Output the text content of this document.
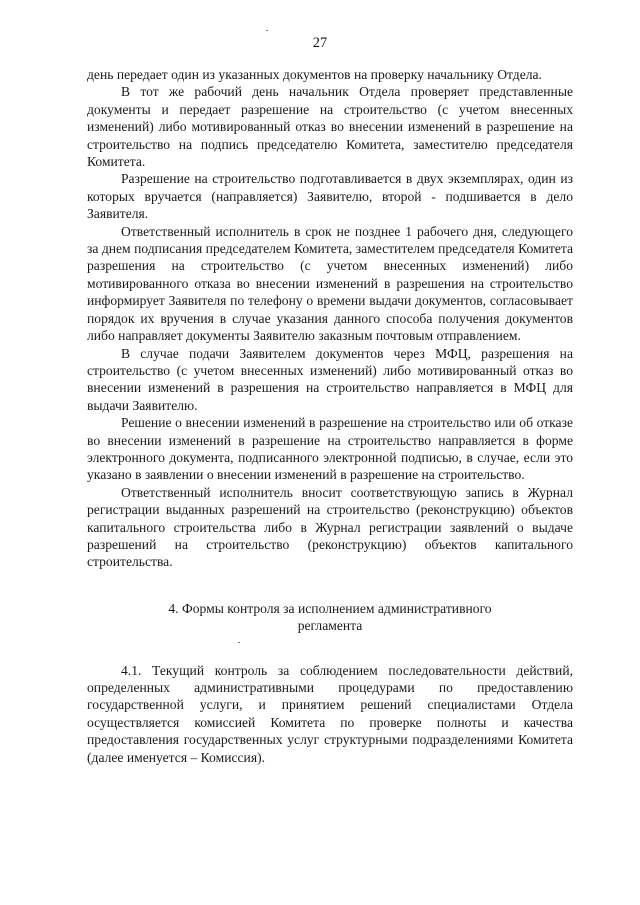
27

день передает один из указанных документов на проверку начальнику Отдела.

В тот же рабочий день начальник Отдела проверяет представленные документы и передает разрешение на строительство (с учетом внесенных изменений) либо мотивированный отказ во внесении изменений в разрешение на строительство на подпись председателю Комитета, заместителю председателя Комитета.

Разрешение на строительство подготавливается в двух экземплярах, один из которых вручается (направляется) Заявителю, второй - подшивается в дело Заявителя.

Ответственный исполнитель в срок не позднее 1 рабочего дня, следующего за днем подписания председателем Комитета, заместителем председателя Комитета разрешения на строительство (с учетом внесенных изменений) либо мотивированного отказа во внесении изменений в разрешения на строительство информирует Заявителя по телефону о времени выдачи документов, согласовывает порядок их вручения в случае указания данного способа получения документов либо направляет документы Заявителю заказным почтовым отправлением.

В случае подачи Заявителем документов через МФЦ, разрешения на строительство (с учетом внесенных изменений) либо мотивированный отказ во внесении изменений в разрешения на строительство направляется в МФЦ для выдачи Заявителю.

Решение о внесении изменений в разрешение на строительство или об отказе во внесении изменений в разрешение на строительство направляется в форме электронного документа, подписанного электронной подписью, в случае, если это указано в заявлении о внесении изменений в разрешение на строительство.

Ответственный исполнитель вносит соответствующую запись в Журнал регистрации выданных разрешений на строительство (реконструкцию) объектов капитального строительства либо в Журнал регистрации заявлений о выдаче разрешений на строительство (реконструкцию) объектов капитального строительства.

4. Формы контроля за исполнением административного регламента

4.1. Текущий контроль за соблюдением последовательности действий, определенных административными процедурами по предоставлению государственной услуги, и принятием решений специалистами Отдела осуществляется комиссией Комитета по проверке полноты и качества предоставления государственных услуг структурными подразделениями Комитета (далее именуется – Комиссия).
